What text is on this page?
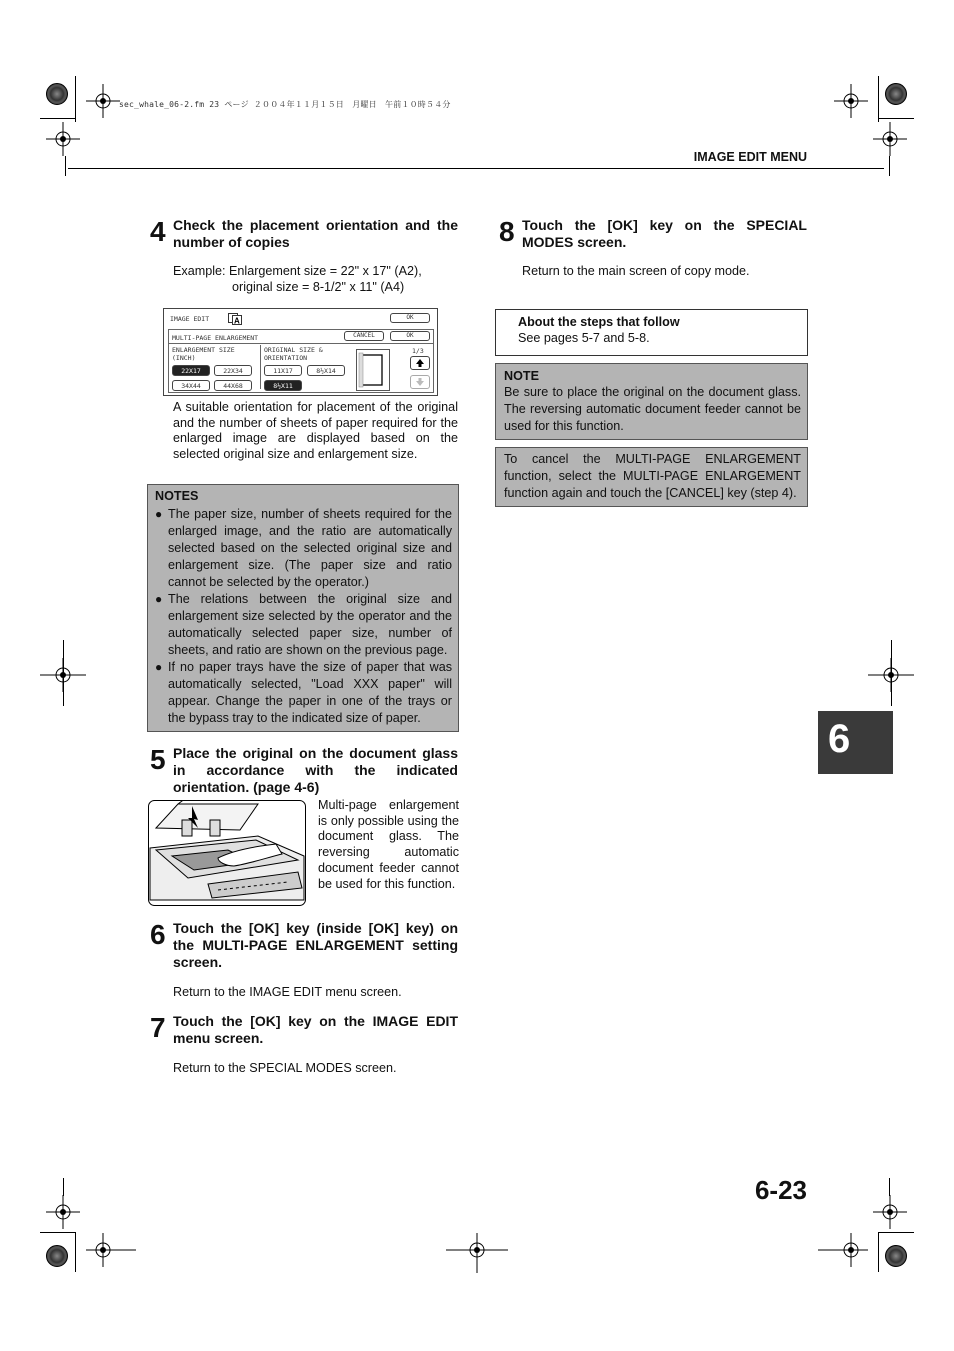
sec_whale_06-2.fm 23 ページ ２００４年１１月１５日　月曜日　午前１０時５４分
IMAGE EDIT MENU
4 Check the placement orientation and the number of copies
Example: Enlargement size = 22" x 17" (A2),
original size = 8-1/2" x 11" (A4)
IMAGE EDIT	A	OK
MULTI-PAGE ENLARGEMENT	CANCEL	OK
ENLARGEMENT SIZE
(INCH)
ORIGINAL SIZE &
ORIENTATION
22X17	22X34
34X44	44X68
11X17	8½X14
8½X11
1/3
A suitable orientation for placement of the original and the number of sheets of paper required for the enlarged image are displayed based on the selected original size and enlargement size.
NOTES
● The paper size, number of sheets required for the enlarged image, and the ratio are automatically selected based on the selected original size and enlargement size. (The paper size and ratio cannot be selected by the operator.)
● The relations between the original size and enlargement size selected by the operator and the automatically selected paper size, number of sheets, and ratio are shown on the previous page.
● If no paper trays have the size of paper that was automatically selected, "Load XXX paper" will appear. Change the paper in one of the trays or the bypass tray to the indicated size of paper.
5 Place the original on the document glass in accordance with the indicated orientation. (page 4-6)
Multi-page enlargement is only possible using the document glass. The reversing automatic document feeder cannot be used for this function.
6 Touch the [OK] key (inside [OK] key) on the MULTI-PAGE ENLARGEMENT setting screen.
Return to the IMAGE EDIT menu screen.
7 Touch the [OK] key on the IMAGE EDIT menu screen.
Return to the SPECIAL MODES screen.
8 Touch the [OK] key on the SPECIAL MODES screen.
Return to the main screen of copy mode.
About the steps that follow
See pages 5-7 and 5-8.
NOTE
Be sure to place the original on the document glass. The reversing automatic document feeder cannot be used for this function.
To cancel the MULTI-PAGE ENLARGEMENT function, select the MULTI-PAGE ENLARGEMENT function again and touch the [CANCEL] key (step 4).
6
6-23
